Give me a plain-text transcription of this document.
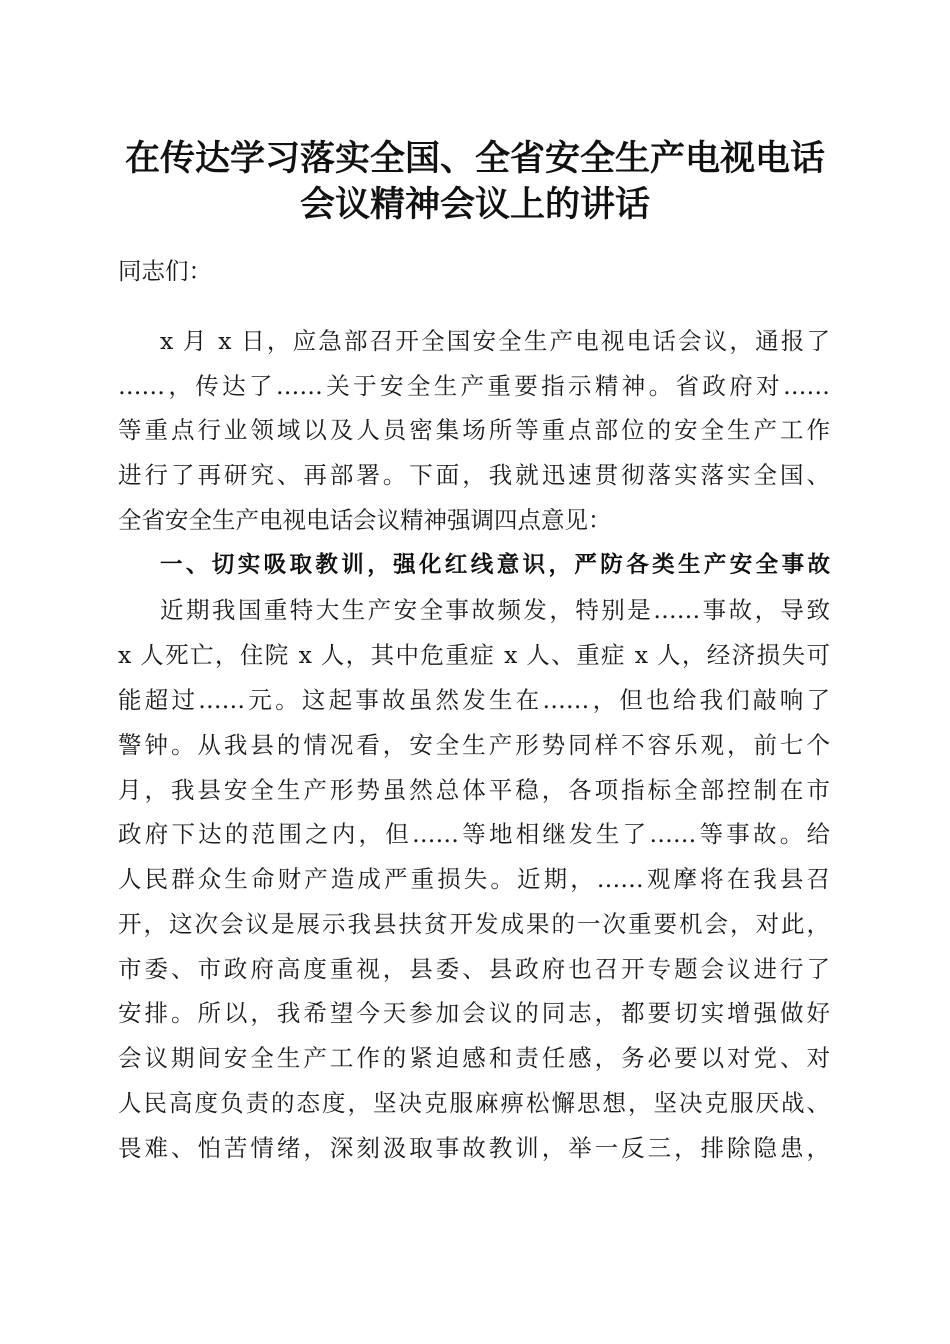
在传达学习落实全国、全省安全生产电视电话
会议精神会议上的讲话
同志们：
x 月 x 日，应急部召开全国安全生产电视电话会议，通报了
……，传达了……关于安全生产重要指示精神。省政府对……
等重点行业领域以及人员密集场所等重点部位的安全生产工作
进行了再研究、再部署。下面，我就迅速贯彻落实落实全国、
全省安全生产电视电话会议精神强调四点意见：
一、切实吸取教训，强化红线意识，严防各类生产安全事故
近期我国重特大生产安全事故频发，特别是……事故，导致
x 人死亡，住院 x 人，其中危重症 x 人、重症 x 人，经济损失可
能超过……元。这起事故虽然发生在……，但也给我们敲响了
警钟。从我县的情况看，安全生产形势同样不容乐观，前七个
月，我县安全生产形势虽然总体平稳，各项指标全部控制在市
政府下达的范围之内，但……等地相继发生了……等事故。给
人民群众生命财产造成严重损失。近期，……观摩将在我县召
开，这次会议是展示我县扶贫开发成果的一次重要机会，对此，
市委、市政府高度重视，县委、县政府也召开专题会议进行了
安排。所以，我希望今天参加会议的同志，都要切实增强做好
会议期间安全生产工作的紧迫感和责任感，务必要以对党、对
人民高度负责的态度，坚决克服麻痹松懈思想，坚决克服厌战、
畏难、怕苦情绪，深刻汲取事故教训，举一反三，排除隐患，
